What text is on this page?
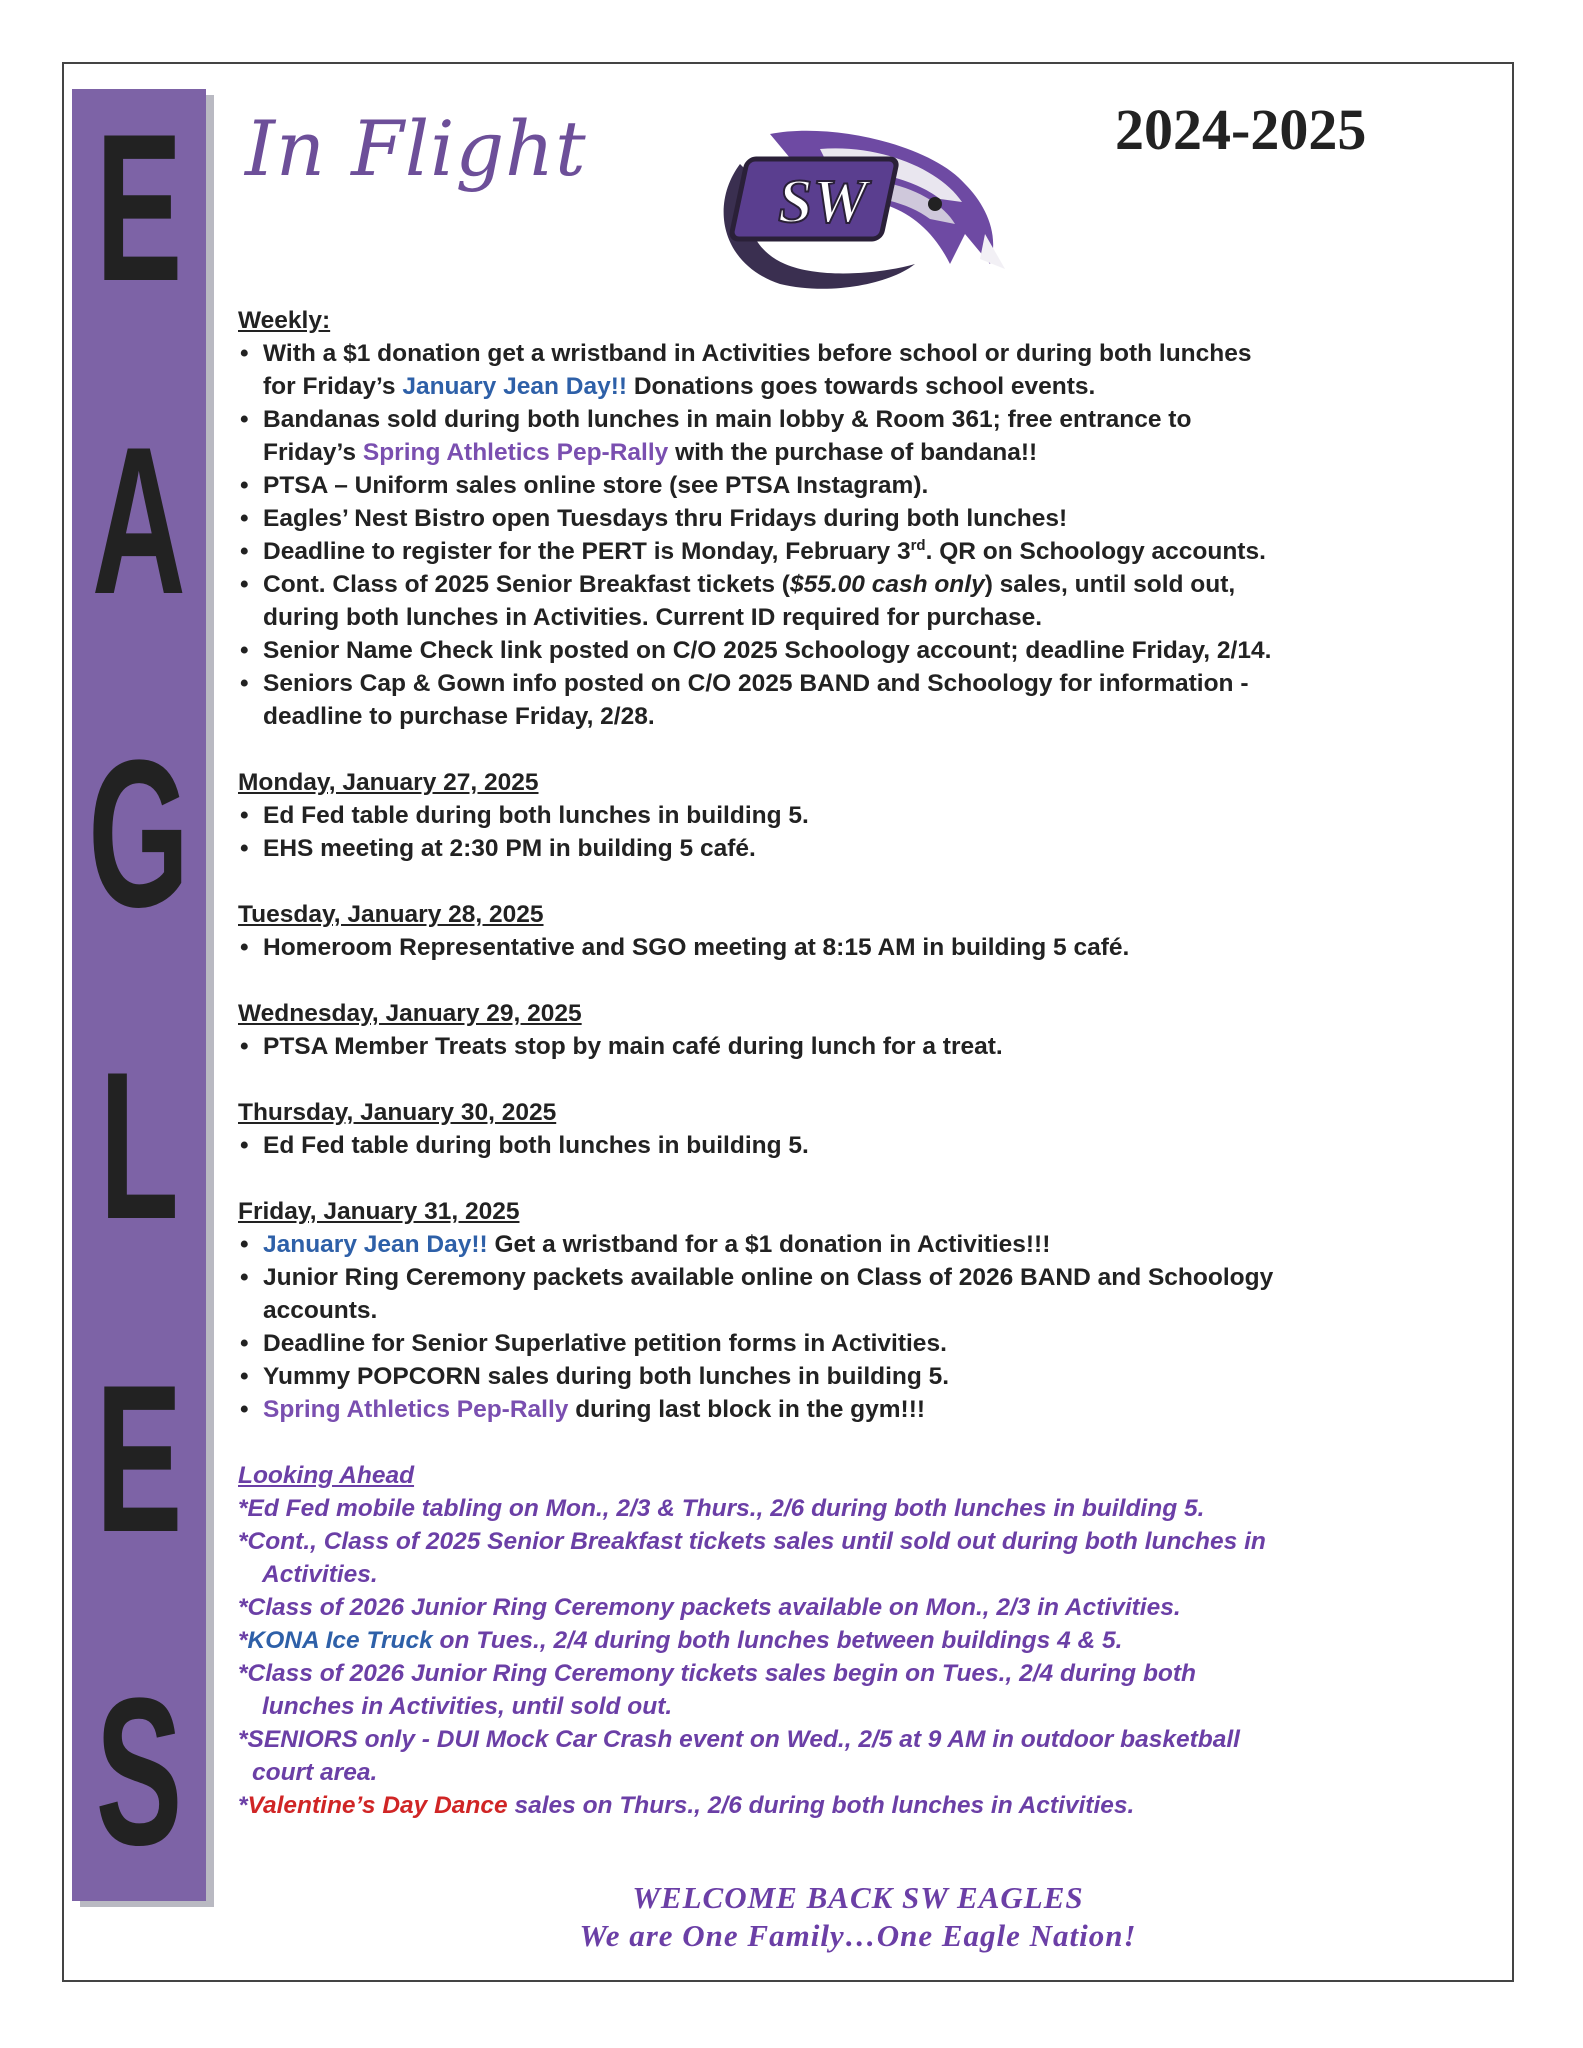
E
A
G
L
E
S
In Flight	2024-2025
SW

Weekly:

• With a $1 donation get a wristband in Activities before school or during both lunches
for Friday’s January Jean Day!! Donations goes towards school events.
• Bandanas sold during both lunches in main lobby & Room 361; free entrance to
Friday’s Spring Athletics Pep-Rally with the purchase of bandana!!
• PTSA – Uniform sales online store (see PTSA Instagram).
• Eagles’ Nest Bistro open Tuesdays thru Fridays during both lunches!
• Deadline to register for the PERT is Monday, February 3rd. QR on Schoology accounts.
• Cont. Class of 2025 Senior Breakfast tickets ($55.00 cash only) sales, until sold out,
during both lunches in Activities. Current ID required for purchase.
• Senior Name Check link posted on C/O 2025 Schoology account; deadline Friday, 2/14.
• Seniors Cap & Gown info posted on C/O 2025 BAND and Schoology for information -
deadline to purchase Friday, 2/28.

Monday, January 27, 2025

• Ed Fed table during both lunches in building 5.
• EHS meeting at 2:30 PM in building 5 café.

Tuesday, January 28, 2025

• Homeroom Representative and SGO meeting at 8:15 AM in building 5 café.

Wednesday, January 29, 2025

• PTSA Member Treats stop by main café during lunch for a treat.

Thursday, January 30, 2025

• Ed Fed table during both lunches in building 5.

Friday, January 31, 2025

• January Jean Day!! Get a wristband for a $1 donation in Activities!!!
• Junior Ring Ceremony packets available online on Class of 2026 BAND and Schoology
accounts.
• Deadline for Senior Superlative petition forms in Activities.
• Yummy POPCORN sales during both lunches in building 5.
• Spring Athletics Pep-Rally during last block in the gym!!!

Looking Ahead

*Ed Fed mobile tabling on Mon., 2/3 & Thurs., 2/6 during both lunches in building 5.

*Cont., Class of 2025 Senior Breakfast tickets sales until sold out during both lunches in

Activities.

*Class of 2026 Junior Ring Ceremony packets available on Mon., 2/3 in Activities.

*KONA Ice Truck on Tues., 2/4 during both lunches between buildings 4 & 5.

*Class of 2026 Junior Ring Ceremony tickets sales begin on Tues., 2/4 during both

lunches in Activities, until sold out.

*SENIORS only - DUI Mock Car Crash event on Wed., 2/5 at 9 AM in outdoor basketball

court area.

*Valentine’s Day Dance sales on Thurs., 2/6 during both lunches in Activities.

WELCOME BACK SW EAGLES
We are One Family…One Eagle Nation!
